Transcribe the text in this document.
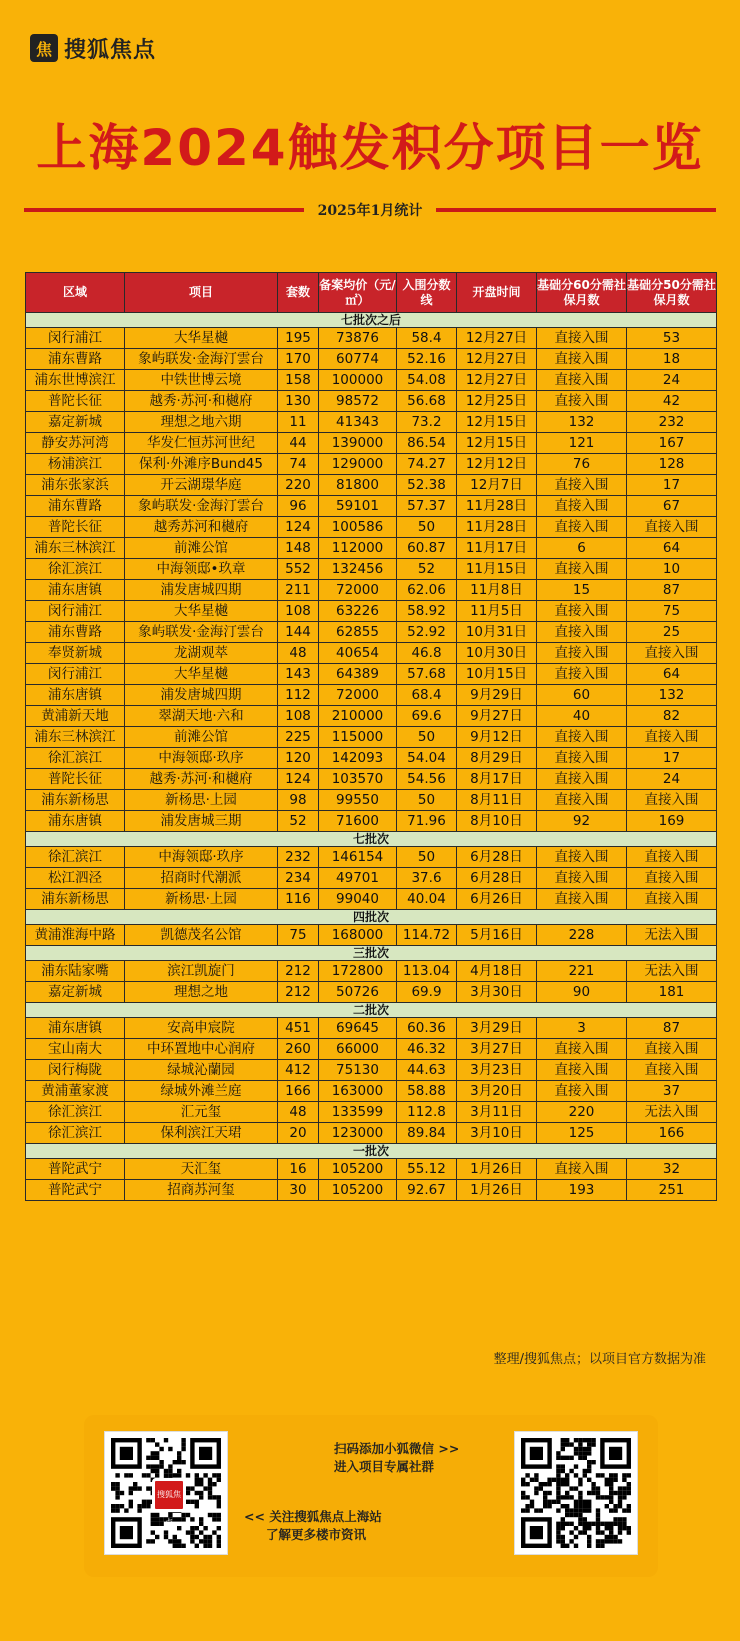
焦 搜狐焦点
上海2024触发积分项目一览
2025年1月统计
区域	项目	套数	备案均价（元/㎡）	入围分数线	开盘时间	基础分60分需社保月数	基础分50分需社保月数
七批次之后							
闵行浦江	大华星樾	195	73876	58.4	12月27日	直接入围	53
浦东曹路	象屿联发·金海汀雲台	170	60774	52.16	12月27日	直接入围	18
浦东世博滨江	中铁世博云境	158	100000	54.08	12月27日	直接入围	24
普陀长征	越秀·苏河·和樾府	130	98572	56.68	12月25日	直接入围	42
嘉定新城	理想之地六期	11	41343	73.2	12月15日	132	232
静安苏河湾	华发仁恒苏河世纪	44	139000	86.54	12月15日	121	167
杨浦滨江	保利·外滩序Bund45	74	129000	74.27	12月12日	76	128
浦东张家浜	开云湖璟华庭	220	81800	52.38	12月7日	直接入围	17
浦东曹路	象屿联发·金海汀雲台	96	59101	57.37	11月28日	直接入围	67
普陀长征	越秀苏河和樾府	124	100586	50	11月28日	直接入围	直接入围
浦东三林滨江	前滩公馆	148	112000	60.87	11月17日	6	64
徐汇滨江	中海领邸•玖章	552	132456	52	11月15日	直接入围	10
浦东唐镇	浦发唐城四期	211	72000	62.06	11月8日	15	87
闵行浦江	大华星樾	108	63226	58.92	11月5日	直接入围	75
浦东曹路	象屿联发·金海汀雲台	144	62855	52.92	10月31日	直接入围	25
奉贤新城	龙湖观萃	48	40654	46.8	10月30日	直接入围	直接入围
闵行浦江	大华星樾	143	64389	57.68	10月15日	直接入围	64
浦东唐镇	浦发唐城四期	112	72000	68.4	9月29日	60	132
黄浦新天地	翠湖天地·六和	108	210000	69.6	9月27日	40	82
浦东三林滨江	前滩公馆	225	115000	50	9月12日	直接入围	直接入围
徐汇滨江	中海领邸·玖序	120	142093	54.04	8月29日	直接入围	17
普陀长征	越秀·苏河·和樾府	124	103570	54.56	8月17日	直接入围	24
浦东新杨思	新杨思·上园	98	99550	50	8月11日	直接入围	直接入围
浦东唐镇	浦发唐城三期	52	71600	71.96	8月10日	92	169
七批次							
徐汇滨江	中海领邸·玖序	232	146154	50	6月28日	直接入围	直接入围
松江泗泾	招商时代潮派	234	49701	37.6	6月28日	直接入围	直接入围
浦东新杨思	新杨思·上园	116	99040	40.04	6月26日	直接入围	直接入围
四批次							
黄浦淮海中路	凯德茂名公馆	75	168000	114.72	5月16日	228	无法入围
三批次							
浦东陆家嘴	滨江凯旋门	212	172800	113.04	4月18日	221	无法入围
嘉定新城	理想之地	212	50726	69.9	3月30日	90	181
二批次							
浦东唐镇	安高申宸院	451	69645	60.36	3月29日	3	87
宝山南大	中环置地中心润府	260	66000	46.32	3月27日	直接入围	直接入围
闵行梅陇	绿城沁蘭园	412	75130	44.63	3月23日	直接入围	直接入围
黄浦董家渡	绿城外滩兰庭	166	163000	58.88	3月20日	直接入围	37
徐汇滨江	汇元玺	48	133599	112.8	3月11日	220	无法入围
徐汇滨江	保利滨江天珺	20	123000	89.84	3月10日	125	166
一批次							
普陀武宁	天汇玺	16	105200	55.12	1月26日	直接入围	32
普陀武宁	招商苏河玺	30	105200	92.67	1月26日	193	251
整理/搜狐焦点；以项目官方数据为准
搜狐焦点
扫码添加小狐微信 >>
进入项目专属社群
<< 关注搜狐焦点上海站
了解更多楼市资讯
